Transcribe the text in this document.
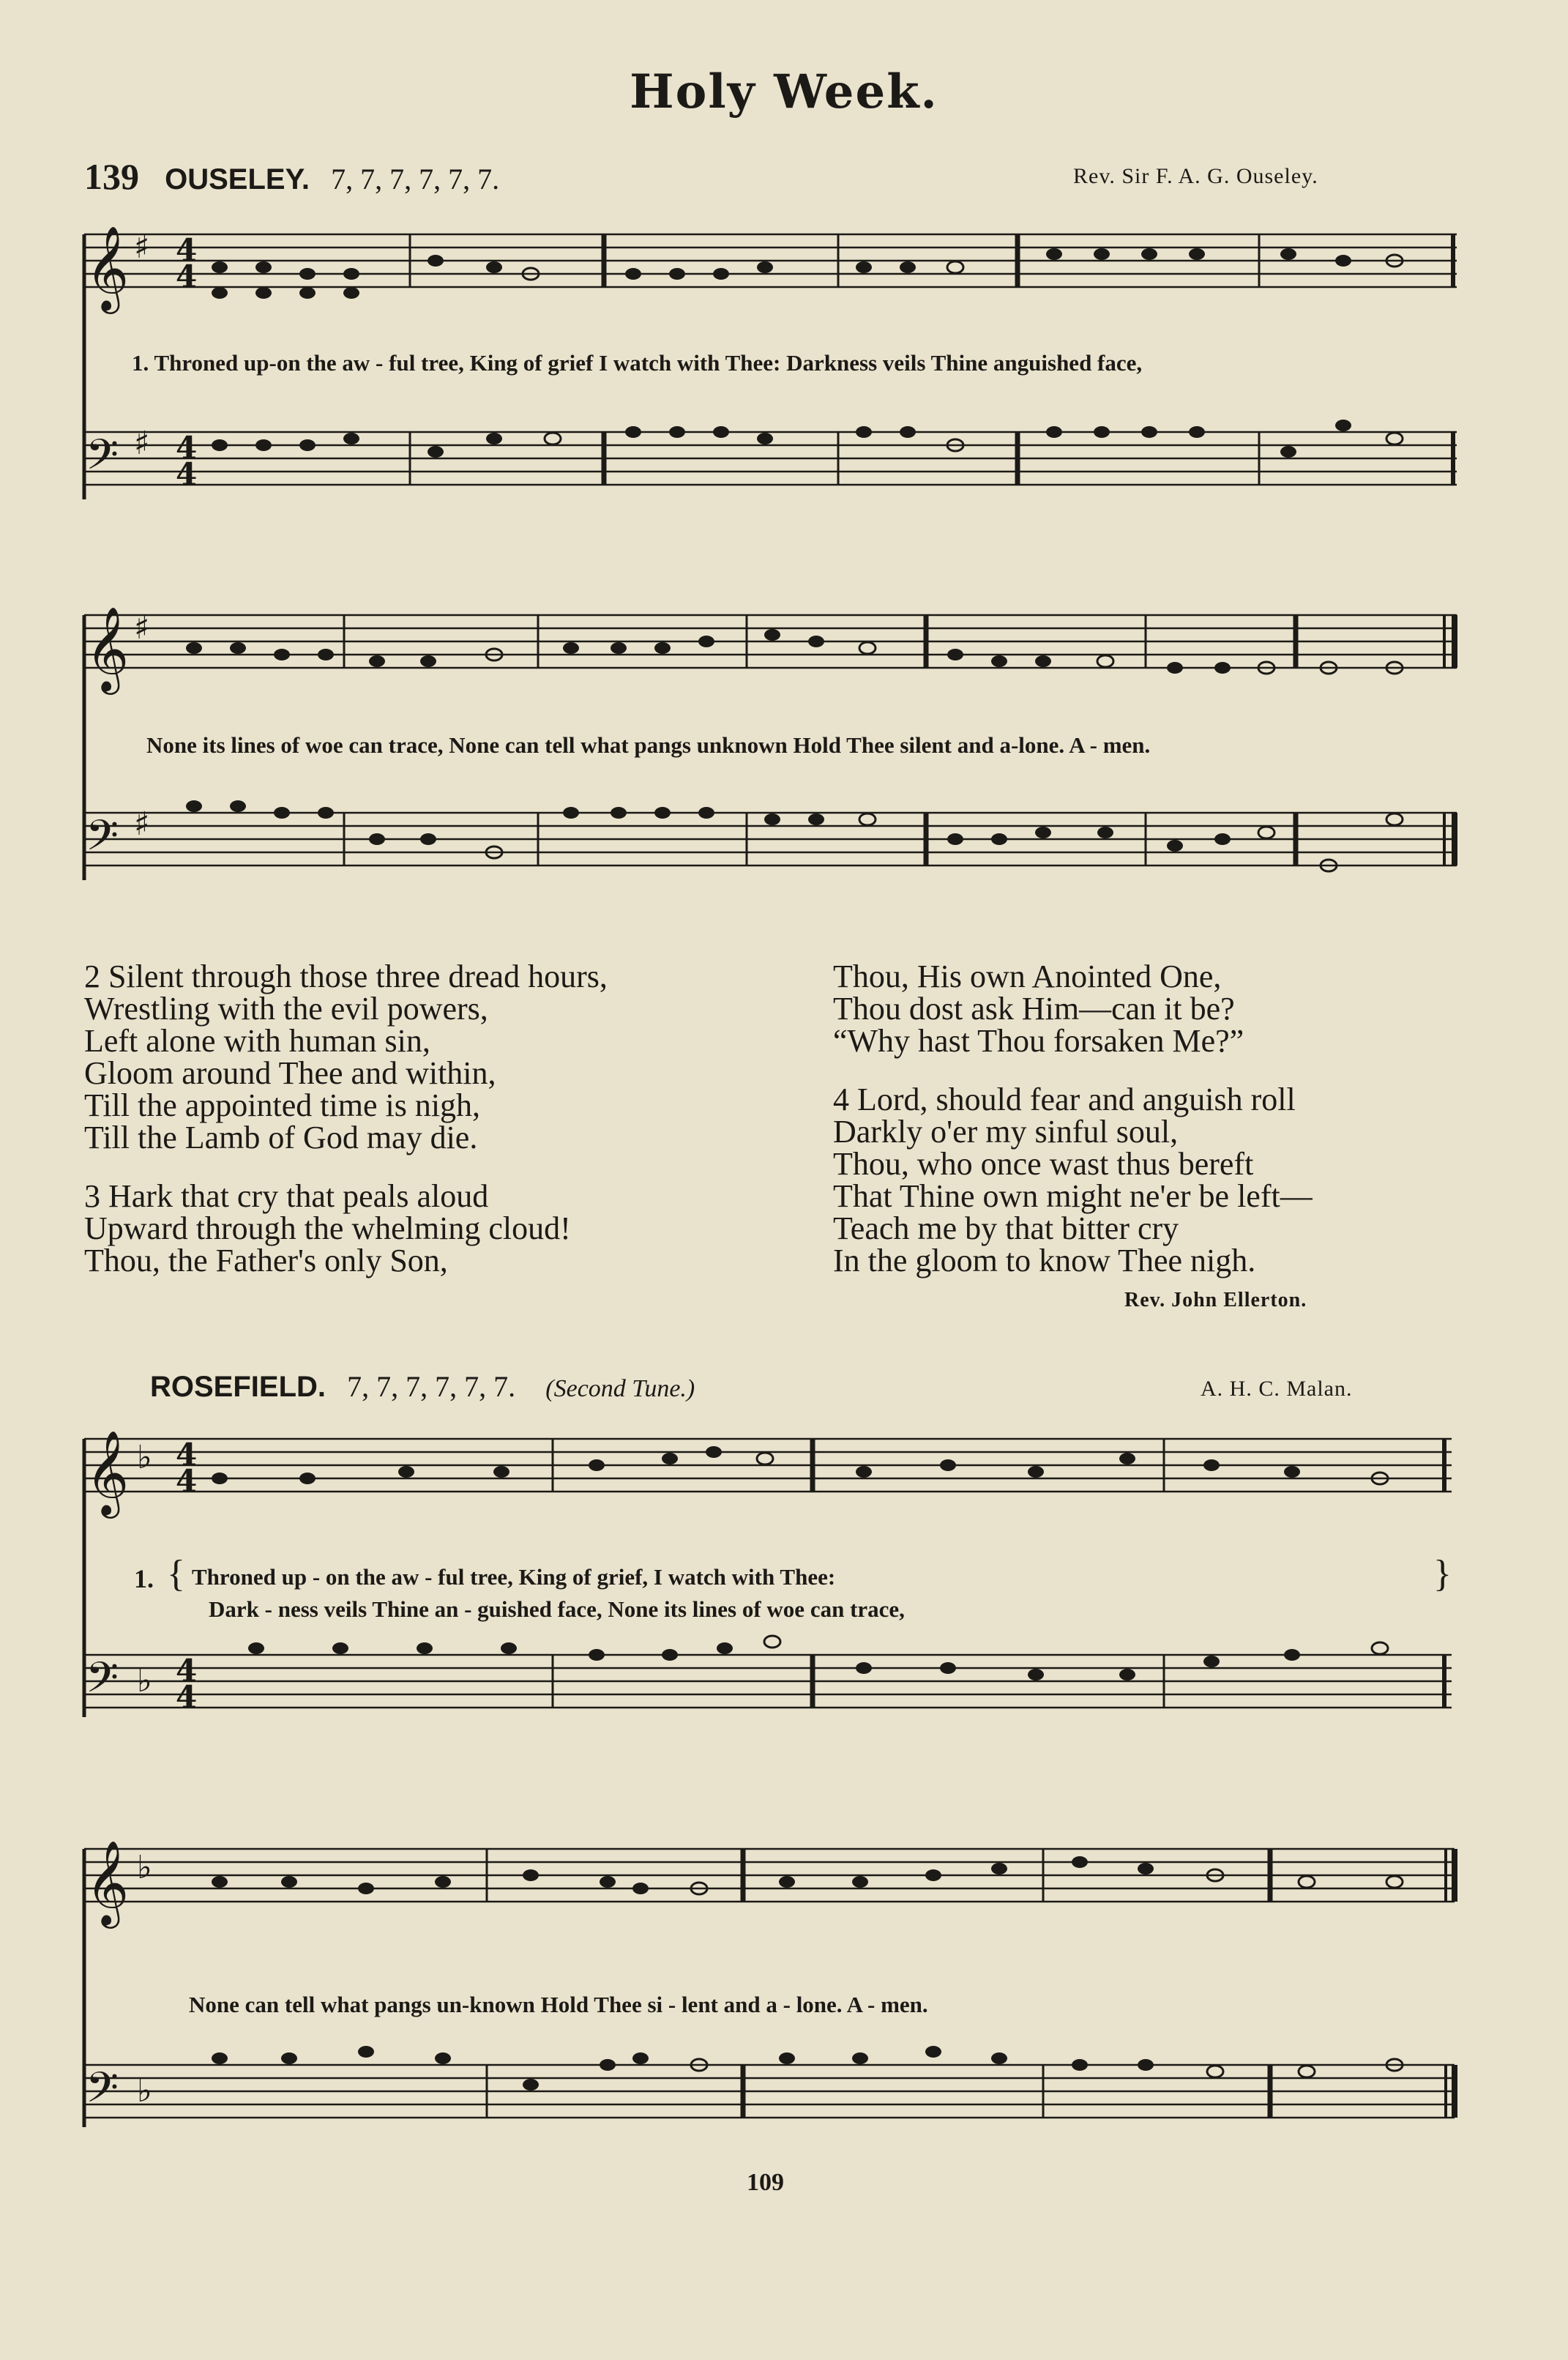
Holy Week.
139 OUSELEY. 7, 7, 7, 7, 7, 7.	Rev. Sir F. A. G. Ouseley.
𝄞
𝄢
♯
♯
4
4
4
4
1. Throned up-on the aw - ful tree, King of grief I watch with Thee: Darkness veils Thine anguished face,
𝄞
𝄢
♯
♯
None its lines of woe can trace, None can tell what pangs unknown Hold Thee silent and a-lone. A - men.
2 Silent through those three dread hours,
Wrestling with the evil powers,
Left alone with human sin,
Gloom around Thee and within,
Till the appointed time is nigh,
Till the Lamb of God may die.
3 Hark that cry that peals aloud
Upward through the whelming cloud!
Thou, the Father's only Son,
Thou, His own Anointed One,
Thou dost ask Him—can it be?
“Why hast Thou forsaken Me?”
4 Lord, should fear and anguish roll
Darkly o'er my sinful soul,
Thou, who once wast thus bereft
That Thine own might ne'er be left—
Teach me by that bitter cry
In the gloom to know Thee nigh.
Rev. John Ellerton.
ROSEFIELD. 7, 7, 7, 7, 7, 7. (Second Tune.)	A. H. C. Malan.
𝄞
𝄢
♭
♭
4
4
4
4
1. { Throned up - on the aw - ful tree, King of grief, I watch with Thee:
Dark - ness veils Thine an - guished face, None its lines of woe can trace,
}
𝄞
𝄢
♭
♭
None can tell what pangs un-known Hold Thee si - lent and a - lone. A - men.
109
